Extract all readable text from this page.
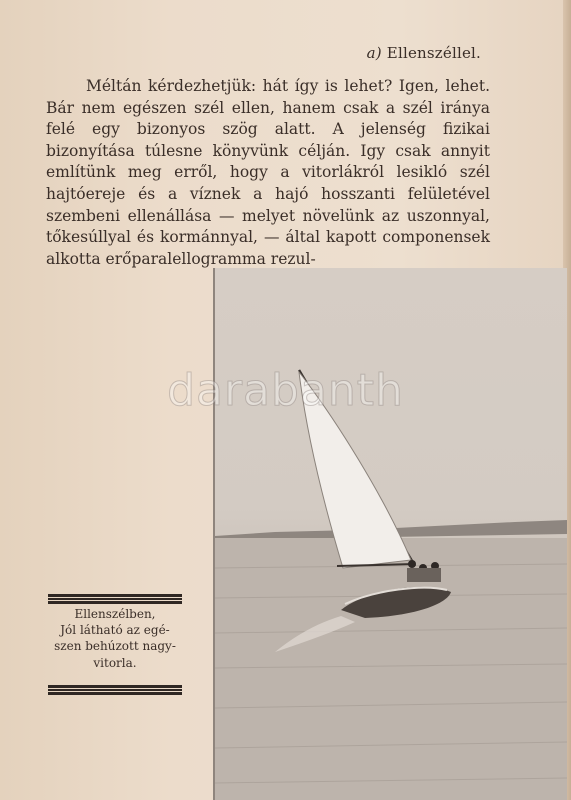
a) Ellenszéllel.

Méltán kérdezhetjük: hát így is lehet? Igen, lehet. Bár nem egészen szél ellen, hanem csak a szél iránya felé egy bizonyos szög alatt. A jelenség fizikai bizonyítása túlesne könyvünk célján. Igy csak annyit említünk meg erről, hogy a vitorlákról lesikló szél hajtóereje és a víznek a hajó hosszanti felületével szembeni ellenállása — melyet növelünk az uszonnyal, tőkesúllyal és kormánnyal, — által kapott componensek alkotta erőparalellogramma rezul-

Ellenszélben,
Jól látható az egé-
szen behúzott nagy-
vitorla.
darabanth
